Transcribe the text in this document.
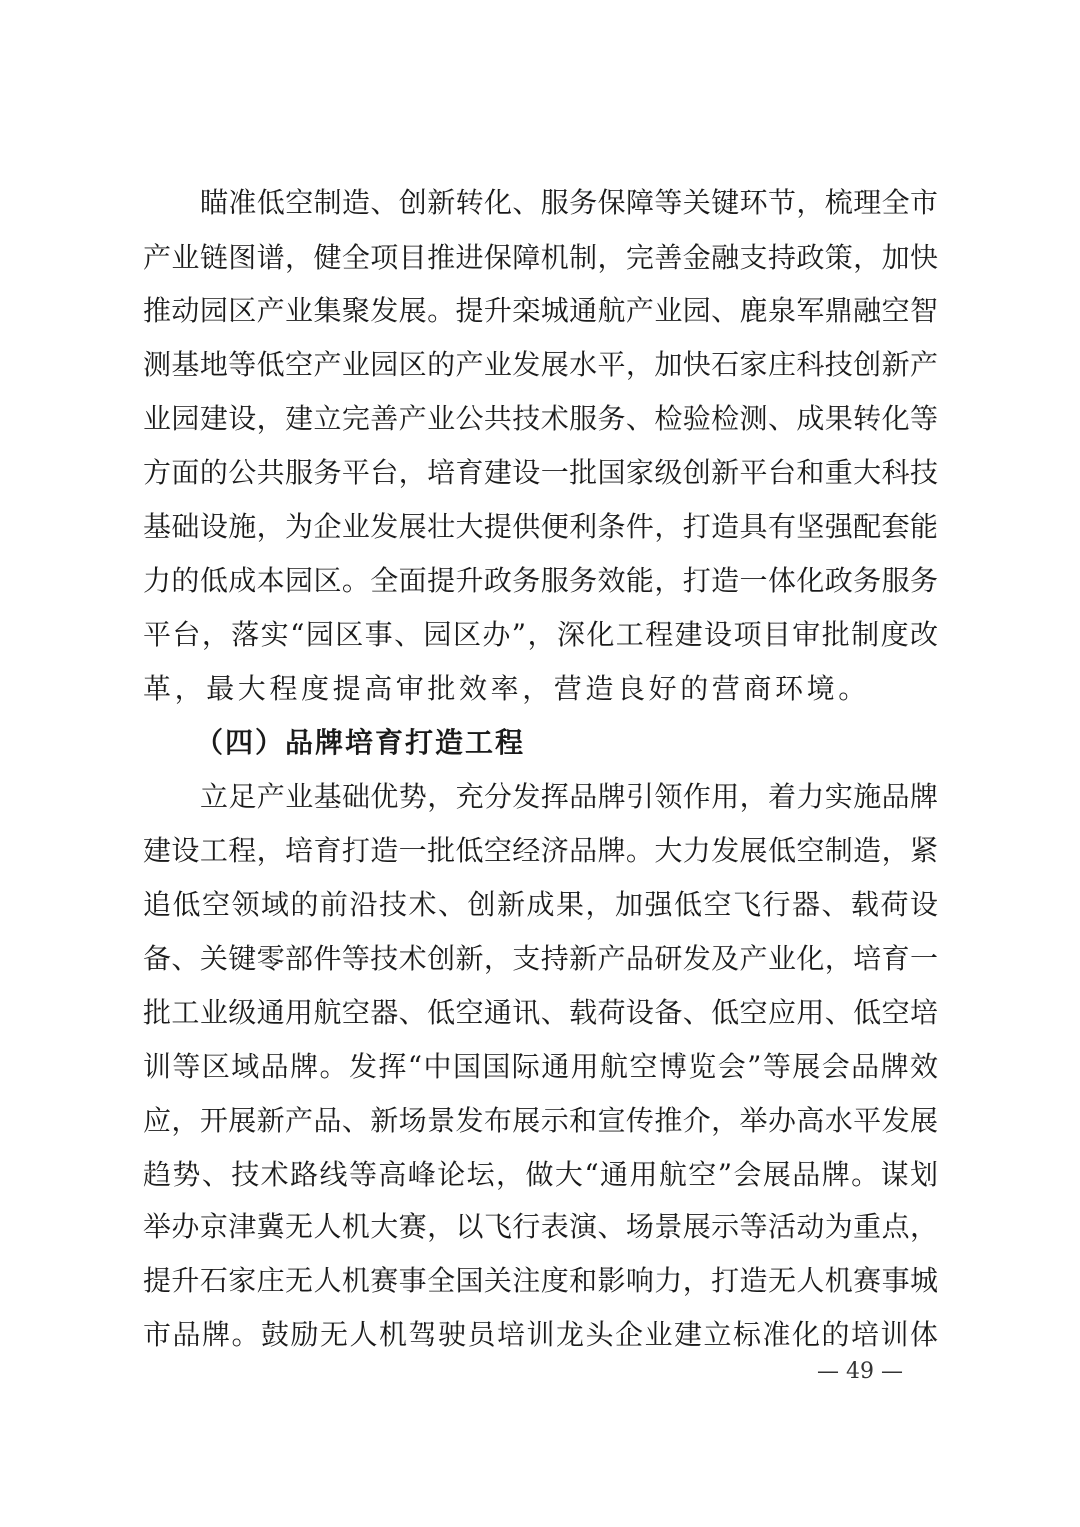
瞄准低空制造、创新转化、服务保障等关键环节，梳理全市
产业链图谱，健全项目推进保障机制，完善金融支持政策，加快
推动园区产业集聚发展。提升栾城通航产业园、鹿泉军鼎融空智
测基地等低空产业园区的产业发展水平，加快石家庄科技创新产
业园建设，建立完善产业公共技术服务、检验检测、成果转化等
方面的公共服务平台，培育建设一批国家级创新平台和重大科技
基础设施，为企业发展壮大提供便利条件，打造具有坚强配套能
力的低成本园区。全面提升政务服务效能，打造一体化政务服务
平台，落实“园区事、园区办”，深化工程建设项目审批制度改
革，最大程度提高审批效率，营造良好的营商环境。
（四）品牌培育打造工程
立足产业基础优势，充分发挥品牌引领作用，着力实施品牌
建设工程，培育打造一批低空经济品牌。大力发展低空制造，紧
追低空领域的前沿技术、创新成果，加强低空飞行器、载荷设
备、关键零部件等技术创新，支持新产品研发及产业化，培育一
批工业级通用航空器、低空通讯、载荷设备、低空应用、低空培
训等区域品牌。发挥“中国国际通用航空博览会”等展会品牌效
应，开展新产品、新场景发布展示和宣传推介，举办高水平发展
趋势、技术路线等高峰论坛，做大“通用航空”会展品牌。谋划
举办京津冀无人机大赛，以飞行表演、场景展示等活动为重点，
提升石家庄无人机赛事全国关注度和影响力，打造无人机赛事城
市品牌。鼓励无人机驾驶员培训龙头企业建立标准化的培训体
— 49 —
